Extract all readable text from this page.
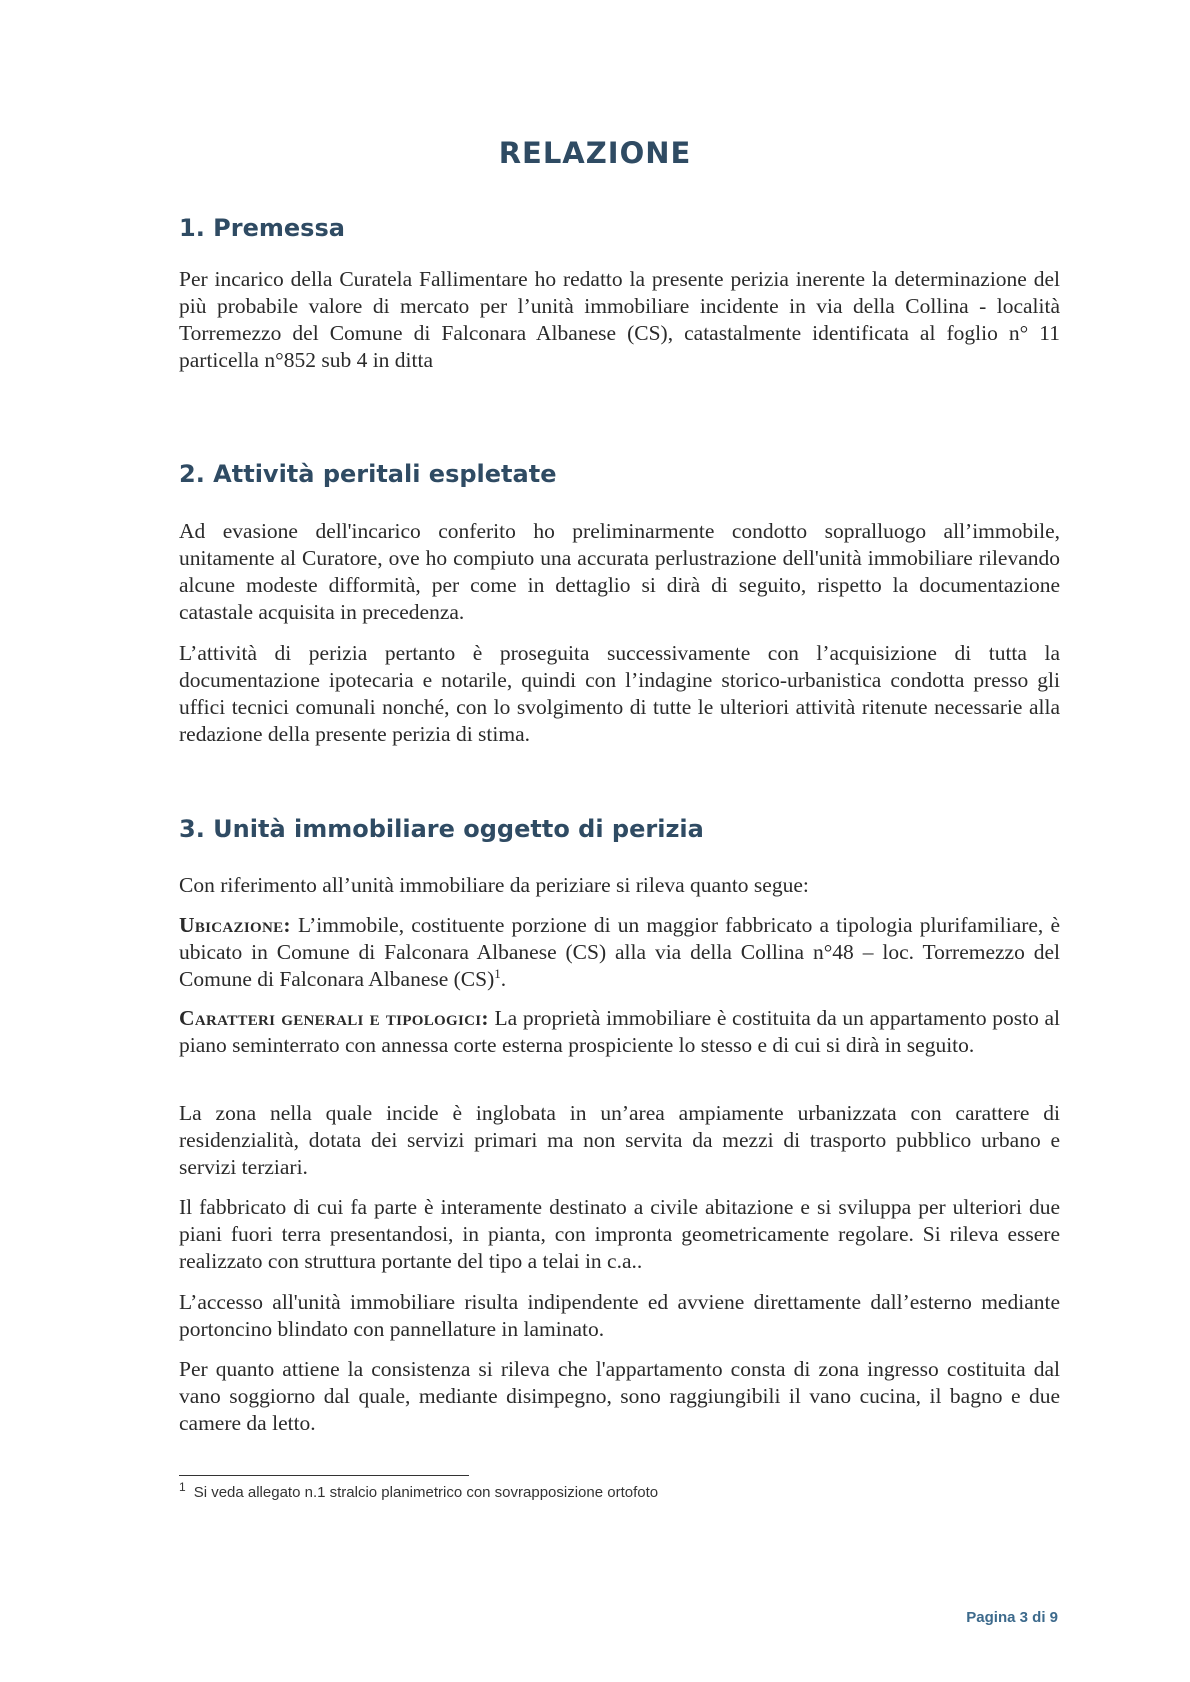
RELAZIONE
1. Premessa

Per incarico della Curatela Fallimentare ho redatto la presente perizia inerente la determinazione del più probabile valore di mercato per l’unità immobiliare incidente in via della Collina - località Torremezzo del Comune di Falconara Albanese (CS), catastalmente identificata al foglio n° 11 particella n°852 sub 4 in ditta

2. Attività peritali espletate

Ad evasione dell'incarico conferito ho preliminarmente condotto sopralluogo all’immobile, unitamente al Curatore, ove ho compiuto una accurata perlustrazione dell'unità immobiliare rilevando alcune modeste difformità, per come in dettaglio si dirà di seguito, rispetto la documentazione catastale acquisita in precedenza.

L’attività di perizia pertanto è proseguita successivamente con l’acquisizione di tutta la documentazione ipotecaria e notarile, quindi con l’indagine storico-urbanistica condotta presso gli uffici tecnici comunali nonché, con lo svolgimento di tutte le ulteriori attività ritenute necessarie alla redazione della presente perizia di stima.

3. Unità immobiliare oggetto di perizia

Con riferimento all’unità immobiliare da periziare si rileva quanto segue:

Ubicazione: L’immobile, costituente porzione di un maggior fabbricato a tipologia plurifamiliare, è ubicato in Comune di Falconara Albanese (CS) alla via della Collina n°48 – loc. Torremezzo del Comune di Falconara Albanese (CS)$^1$.

Caratteri generali e tipologici: La proprietà immobiliare è costituita da un appartamento posto al piano seminterrato con annessa corte esterna prospiciente lo stesso e di cui si dirà in seguito.

La zona nella quale incide è inglobata in un’area ampiamente urbanizzata con carattere di residenzialità, dotata dei servizi primari ma non servita da mezzi di trasporto pubblico urbano e servizi terziari.

Il fabbricato di cui fa parte è interamente destinato a civile abitazione e si sviluppa per ulteriori due piani fuori terra presentandosi, in pianta, con impronta geometricamente regolare. Si rileva essere realizzato con struttura portante del tipo a telai in c.a..

L’accesso all'unità immobiliare risulta indipendente ed avviene direttamente dall’esterno mediante portoncino blindato con pannellature in laminato.

Per quanto attiene la consistenza si rileva che l'appartamento consta di zona ingresso costituita dal vano soggiorno dal quale, mediante disimpegno, sono raggiungibili il vano cucina, il bagno e due camere da letto.

$^1$ Si veda allegato n.1 stralcio planimetrico con sovrapposizione ortofoto
Pagina 3 di 9
